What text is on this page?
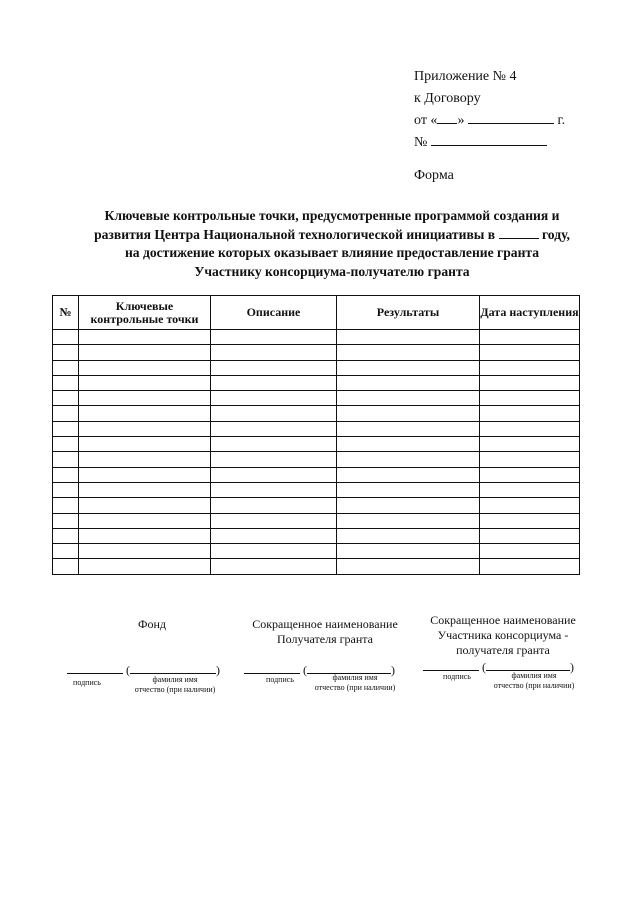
Приложение № 4
к Договору
от « »	г.
№
Форма
Ключевые контрольные точки, предусмотренные программой создания и
развития Центра Национальной технологической инициативы в	году,
на достижение которых оказывает влияние предоставление гранта
Участнику консорциума-получателю гранта
№	Ключевые контрольные точки	Описание	Результаты	Дата наступления

Фонд
(	)
подпись	фамилия имя
отчество (при наличии)
Сокращенное наименование
Получателя гранта
(	)
подпись	фамилия имя
отчество (при наличии)
Сокращенное наименование
Участника консорциума -
получателя гранта
(	)
подпись	фамилия имя
отчество (при наличии)
